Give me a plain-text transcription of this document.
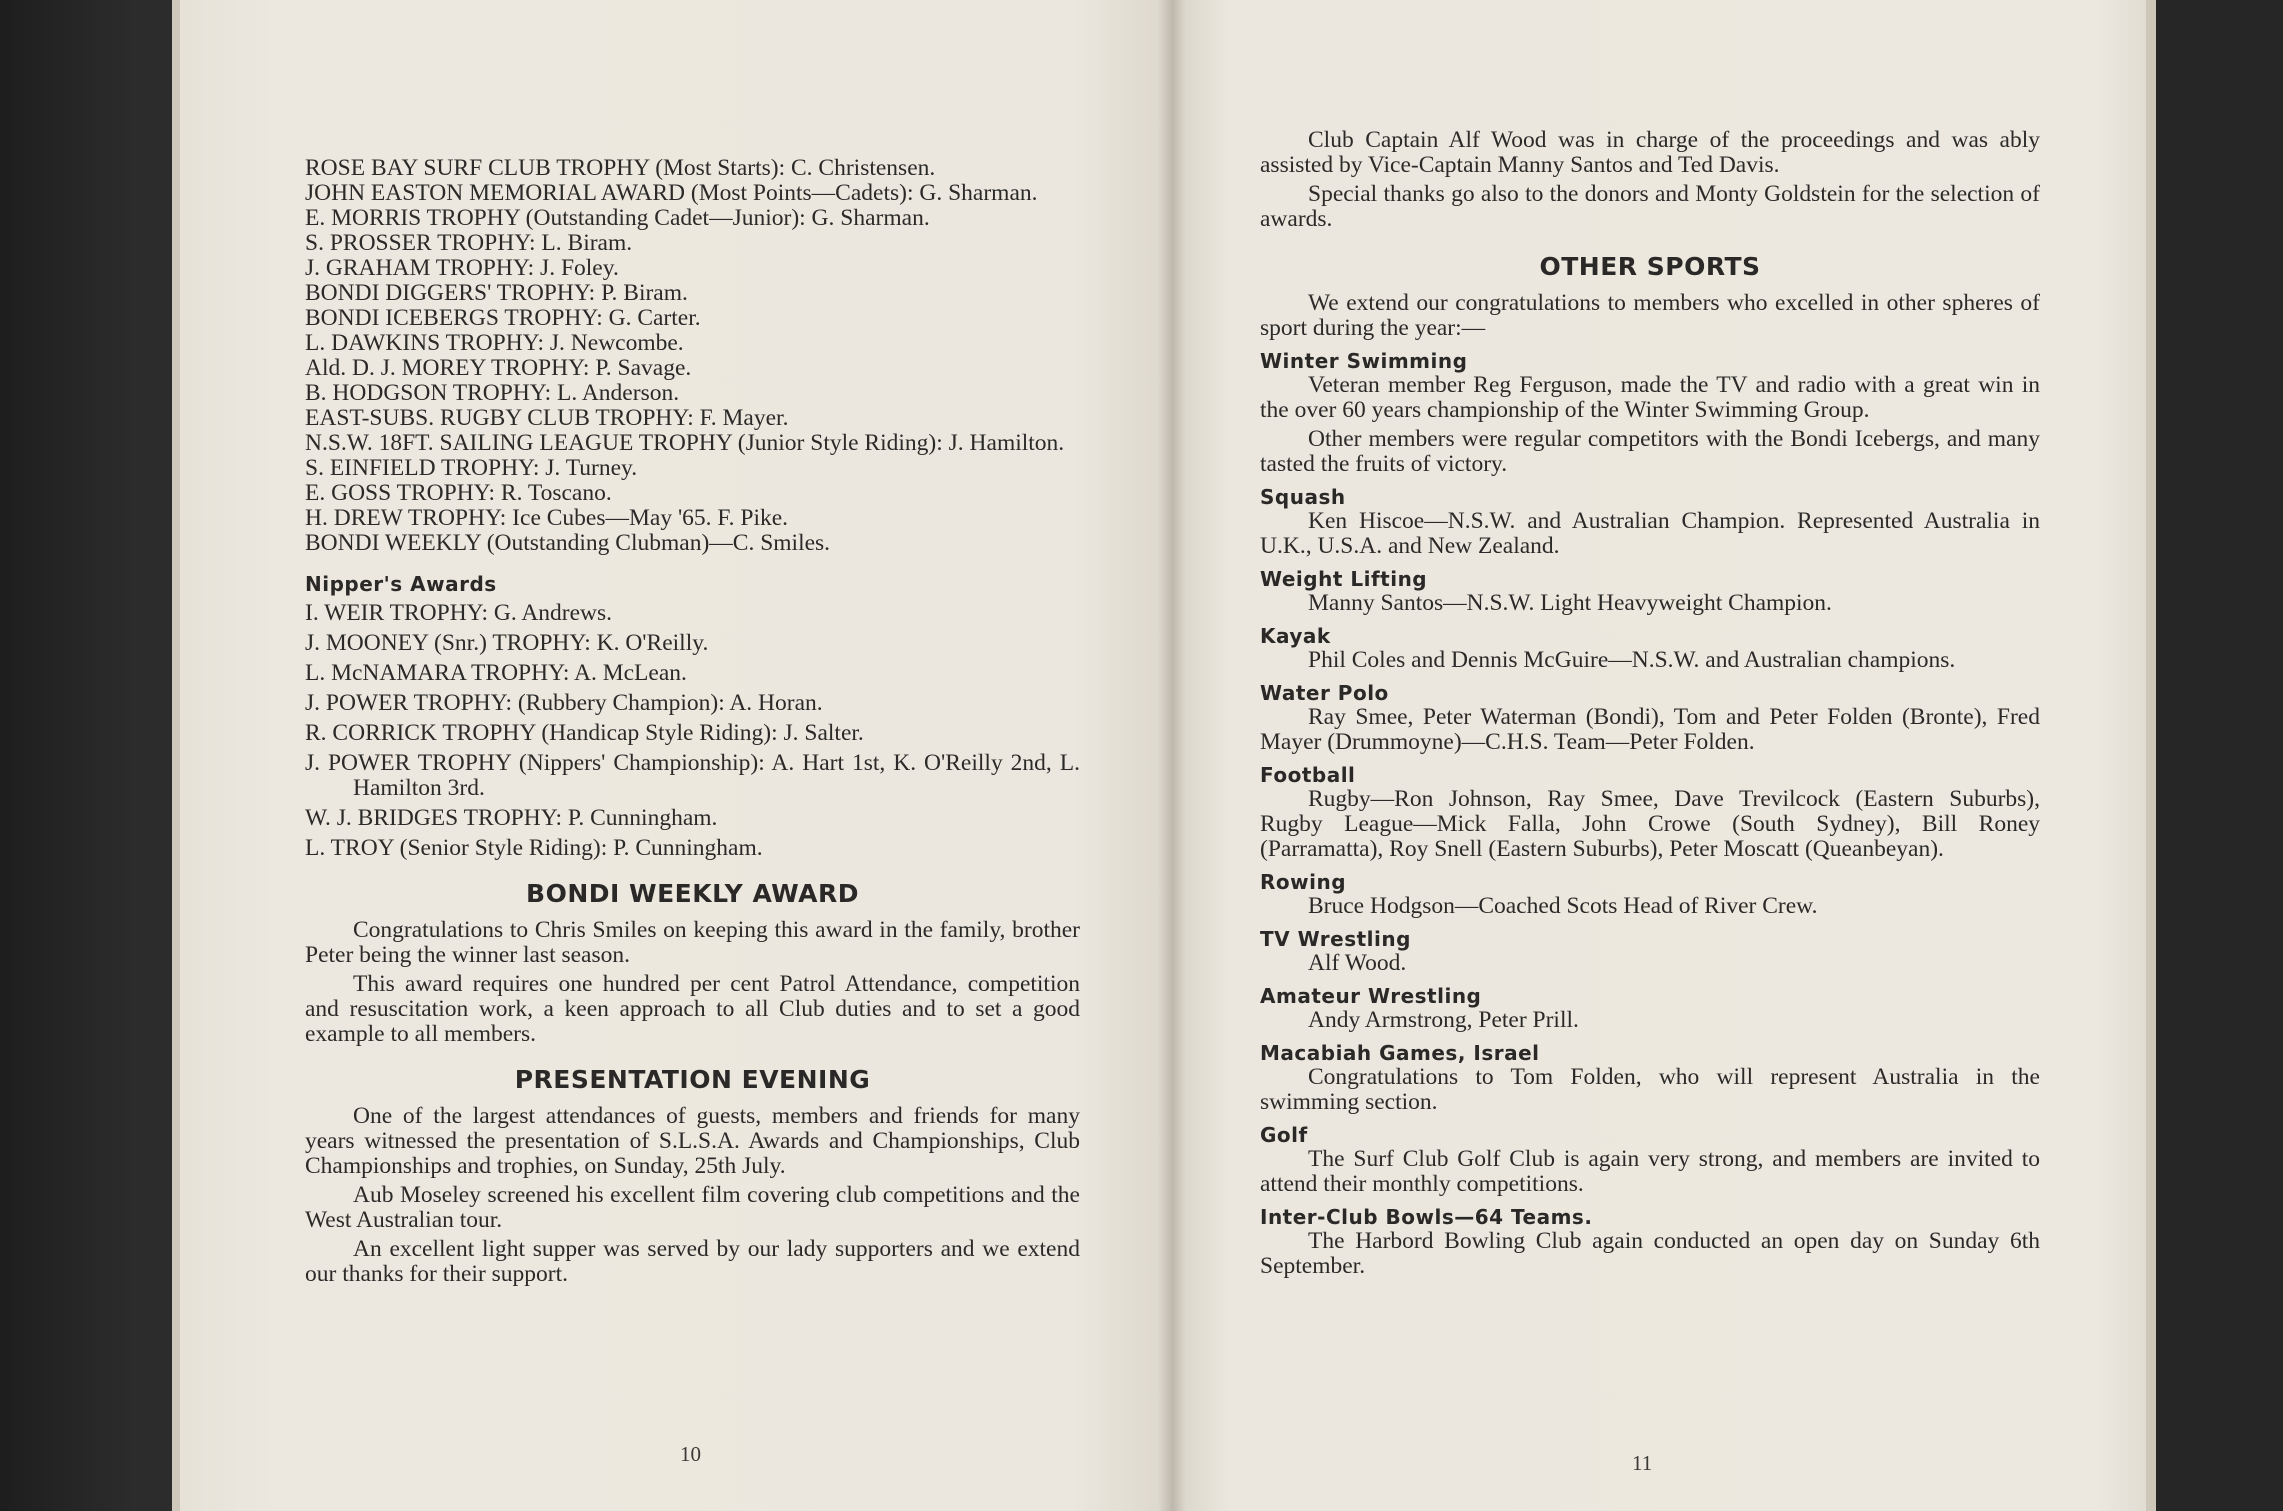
ROSE BAY SURF CLUB TROPHY (Most Starts): C. Christensen.

JOHN EASTON MEMORIAL AWARD (Most Points—Cadets): G. Sharman.

E. MORRIS TROPHY (Outstanding Cadet—Junior): G. Sharman.

S. PROSSER TROPHY: L. Biram.

J. GRAHAM TROPHY: J. Foley.

BONDI DIGGERS' TROPHY: P. Biram.

BONDI ICEBERGS TROPHY: G. Carter.

L. DAWKINS TROPHY: J. Newcombe.

Ald. D. J. MOREY TROPHY: P. Savage.

B. HODGSON TROPHY: L. Anderson.

EAST-SUBS. RUGBY CLUB TROPHY: F. Mayer.

N.S.W. 18FT. SAILING LEAGUE TROPHY (Junior Style Riding): J. Hamilton.

S. EINFIELD TROPHY: J. Turney.

E. GOSS TROPHY: R. Toscano.

H. DREW TROPHY: Ice Cubes—May '65. F. Pike.

BONDI WEEKLY (Outstanding Clubman)—C. Smiles.

Nipper's Awards

I. WEIR TROPHY: G. Andrews.

J. MOONEY (Snr.) TROPHY: K. O'Reilly.

L. McNAMARA TROPHY: A. McLean.

J. POWER TROPHY: (Rubbery Champion): A. Horan.

R. CORRICK TROPHY (Handicap Style Riding): J. Salter.

J. POWER TROPHY (Nippers' Championship): A. Hart 1st, K. O'Reilly 2nd, L. Hamilton 3rd.

W. J. BRIDGES TROPHY: P. Cunningham.

L. TROY (Senior Style Riding): P. Cunningham.

BONDI WEEKLY AWARD

Congratulations to Chris Smiles on keeping this award in the family, brother Peter being the winner last season.

This award requires one hundred per cent Patrol Attendance, competition and resuscitation work, a keen approach to all Club duties and to set a good example to all members.

PRESENTATION EVENING

One of the largest attendances of guests, members and friends for many years witnessed the presentation of S.L.S.A. Awards and Championships, Club Championships and trophies, on Sunday, 25th July.

Aub Moseley screened his excellent film covering club competitions and the West Australian tour.

An excellent light supper was served by our lady supporters and we extend our thanks for their support.

10

Club Captain Alf Wood was in charge of the proceedings and was ably assisted by Vice-Captain Manny Santos and Ted Davis.

Special thanks go also to the donors and Monty Goldstein for the selection of awards.

OTHER SPORTS

We extend our congratulations to members who excelled in other spheres of sport during the year:—

Winter Swimming

Veteran member Reg Ferguson, made the TV and radio with a great win in the over 60 years championship of the Winter Swimming Group.

Other members were regular competitors with the Bondi Icebergs, and many tasted the fruits of victory.

Squash

Ken Hiscoe—N.S.W. and Australian Champion. Represented Australia in U.K., U.S.A. and New Zealand.

Weight Lifting

Manny Santos—N.S.W. Light Heavyweight Champion.

Kayak

Phil Coles and Dennis McGuire—N.S.W. and Australian champions.

Water Polo

Ray Smee, Peter Waterman (Bondi), Tom and Peter Folden (Bronte), Fred Mayer (Drummoyne)—C.H.S. Team—Peter Folden.

Football

Rugby—Ron Johnson, Ray Smee, Dave Trevilcock (Eastern Suburbs), Rugby League—Mick Falla, John Crowe (South Sydney), Bill Roney (Parramatta), Roy Snell (Eastern Suburbs), Peter Moscatt (Queanbeyan).

Rowing

Bruce Hodgson—Coached Scots Head of River Crew.

TV Wrestling

Alf Wood.

Amateur Wrestling

Andy Armstrong, Peter Prill.

Macabiah Games, Israel

Congratulations to Tom Folden, who will represent Australia in the swimming section.

Golf

The Surf Club Golf Club is again very strong, and members are invited to attend their monthly competitions.

Inter-Club Bowls—64 Teams.

The Harbord Bowling Club again conducted an open day on Sunday 6th September.

11
